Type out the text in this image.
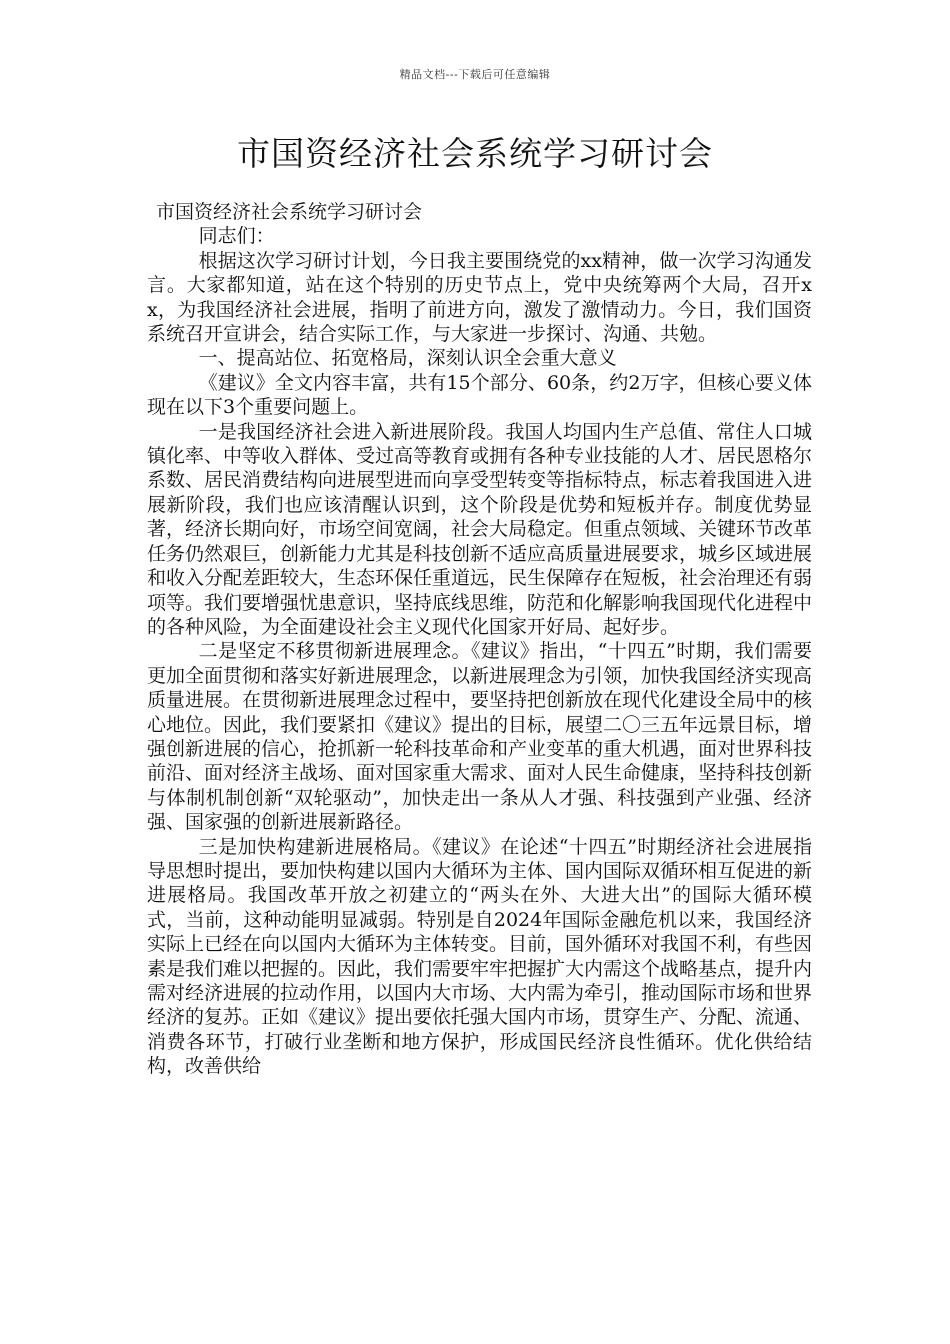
精品文档---下载后可任意编辑
市国资经济社会系统学习研讨会

市国资经济社会系统学习研讨会

同志们：

根据这次学习研讨计划，今日我主要围绕党的xx精神，做一次学习沟通发言。大家都知道，站在这个特别的历史节点上，党中央统筹两个大局，召开xx，为我国经济社会进展，指明了前进方向，激发了激情动力。今日，我们国资系统召开宣讲会，结合实际工作，与大家进一步探讨、沟通、共勉。

一、提高站位、拓宽格局，深刻认识全会重大意义

《建议》全文内容丰富，共有15个部分、60条，约2万字，但核心要义体现在以下3个重要问题上。

一是我国经济社会进入新进展阶段。我国人均国内生产总值、常住人口城镇化率、中等收入群体、受过高等教育或拥有各种专业技能的人才、居民恩格尔系数、居民消费结构向进展型进而向享受型转变等指标特点，标志着我国进入进展新阶段，我们也应该清醒认识到，这个阶段是优势和短板并存。制度优势显著，经济长期向好，市场空间宽阔，社会大局稳定。但重点领域、关键环节改革任务仍然艰巨，创新能力尤其是科技创新不适应高质量进展要求，城乡区域进展和收入分配差距较大，生态环保任重道远，民生保障存在短板，社会治理还有弱项等。我们要增强忧患意识，坚持底线思维，防范和化解影响我国现代化进程中的各种风险，为全面建设社会主义现代化国家开好局、起好步。

二是坚定不移贯彻新进展理念。《建议》指出，“十四五”时期，我们需要更加全面贯彻和落实好新进展理念，以新进展理念为引领，加快我国经济实现高质量进展。在贯彻新进展理念过程中，要坚持把创新放在现代化建设全局中的核心地位。因此，我们要紧扣《建议》提出的目标，展望二〇三五年远景目标，增强创新进展的信心，抢抓新一轮科技革命和产业变革的重大机遇，面对世界科技前沿、面对经济主战场、面对国家重大需求、面对人民生命健康，坚持科技创新与体制机制创新“双轮驱动”，加快走出一条从人才强、科技强到产业强、经济强、国家强的创新进展新路径。

三是加快构建新进展格局。《建议》在论述“十四五”时期经济社会进展指导思想时提出，要加快构建以国内大循环为主体、国内国际双循环相互促进的新进展格局。我国改革开放之初建立的“两头在外、大进大出”的国际大循环模式，当前，这种动能明显减弱。特别是自2024年国际金融危机以来，我国经济实际上已经在向以国内大循环为主体转变。目前，国外循环对我国不利，有些因素是我们难以把握的。因此，我们需要牢牢把握扩大内需这个战略基点，提升内需对经济进展的拉动作用，以国内大市场、大内需为牵引，推动国际市场和世界经济的复苏。正如《建议》提出要依托强大国内市场，贯穿生产、分配、流通、消费各环节，打破行业垄断和地方保护，形成国民经济良性循环。优化供给结构，改善供给
